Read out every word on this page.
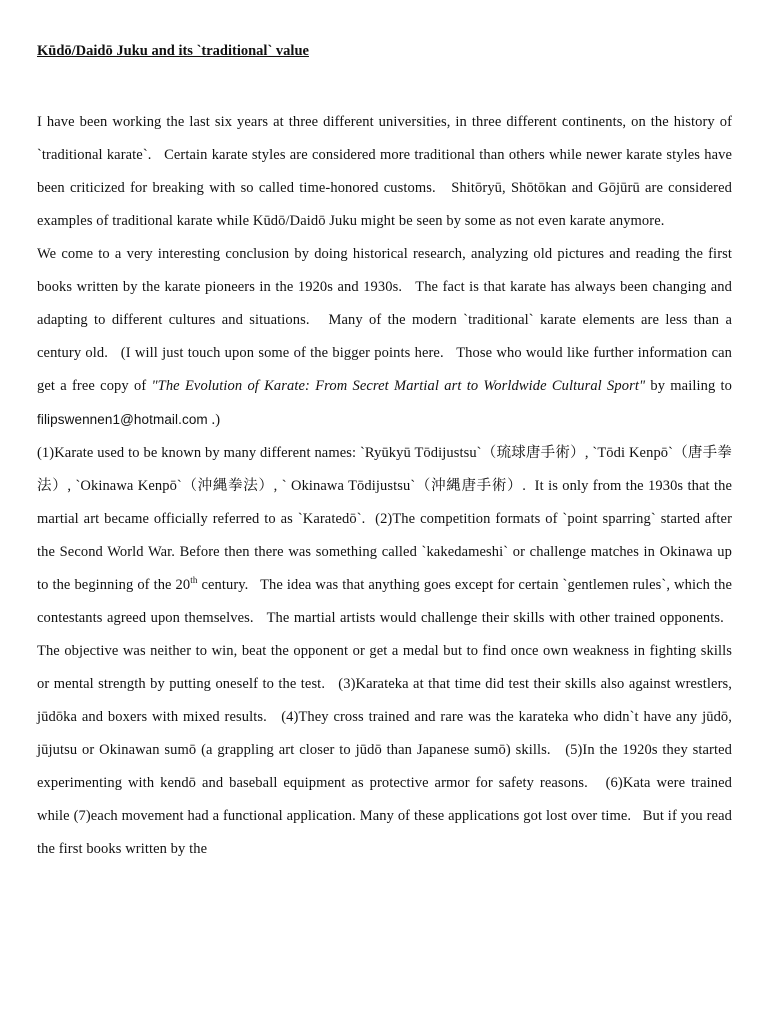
Kūdō/Daidō Juku and its `traditional` value

I have been working the last six years at three different universities, in three different continents, on the history of `traditional karate`.   Certain karate styles are considered more traditional than others while newer karate styles have been criticized for breaking with so called time-honored customs.   Shitōryū, Shōtōkan and Gōjūrū are considered examples of traditional karate while Kūdō/Daidō Juku might be seen by some as not even karate anymore.

We come to a very interesting conclusion by doing historical research, analyzing old pictures and reading the first books written by the karate pioneers in the 1920s and 1930s.   The fact is that karate has always been changing and adapting to different cultures and situations.   Many of the modern `traditional` karate elements are less than a century old.   (I will just touch upon some of the bigger points here.   Those who would like further information can get a free copy of "The Evolution of Karate: From Secret Martial art to Worldwide Cultural Sport" by mailing to filipswennen1@hotmail.com .)

(1)Karate used to be known by many different names: `Ryūkyū Tōdijustsu`（琉球唐手術）, `Tōdi Kenpō`（唐手拳法）, `Okinawa Kenpō`（沖縄拳法）, ` Okinawa Tōdijustsu`（沖縄唐手術）.  It is only from the 1930s that the martial art became officially referred to as `Karatedō`.  (2)The competition formats of `point sparring` started after the Second World War. Before then there was something called `kakedameshi` or challenge matches in Okinawa up to the beginning of the 20th century.   The idea was that anything goes except for certain `gentlemen rules`, which the contestants agreed upon themselves.   The martial artists would challenge their skills with other trained opponents.   The objective was neither to win, beat the opponent or get a medal but to find once own weakness in fighting skills or mental strength by putting oneself to the test.   (3)Karateka at that time did test their skills also against wrestlers, jūdōka and boxers with mixed results.   (4)They cross trained and rare was the karateka who didn`t have any jūdō, jūjutsu or Okinawan sumō (a grappling art closer to jūdō than Japanese sumō) skills.   (5)In the 1920s they started experimenting with kendō and baseball equipment as protective armor for safety reasons.   (6)Kata were trained while (7)each movement had a functional application. Many of these applications got lost over time.   But if you read the first books written by the
